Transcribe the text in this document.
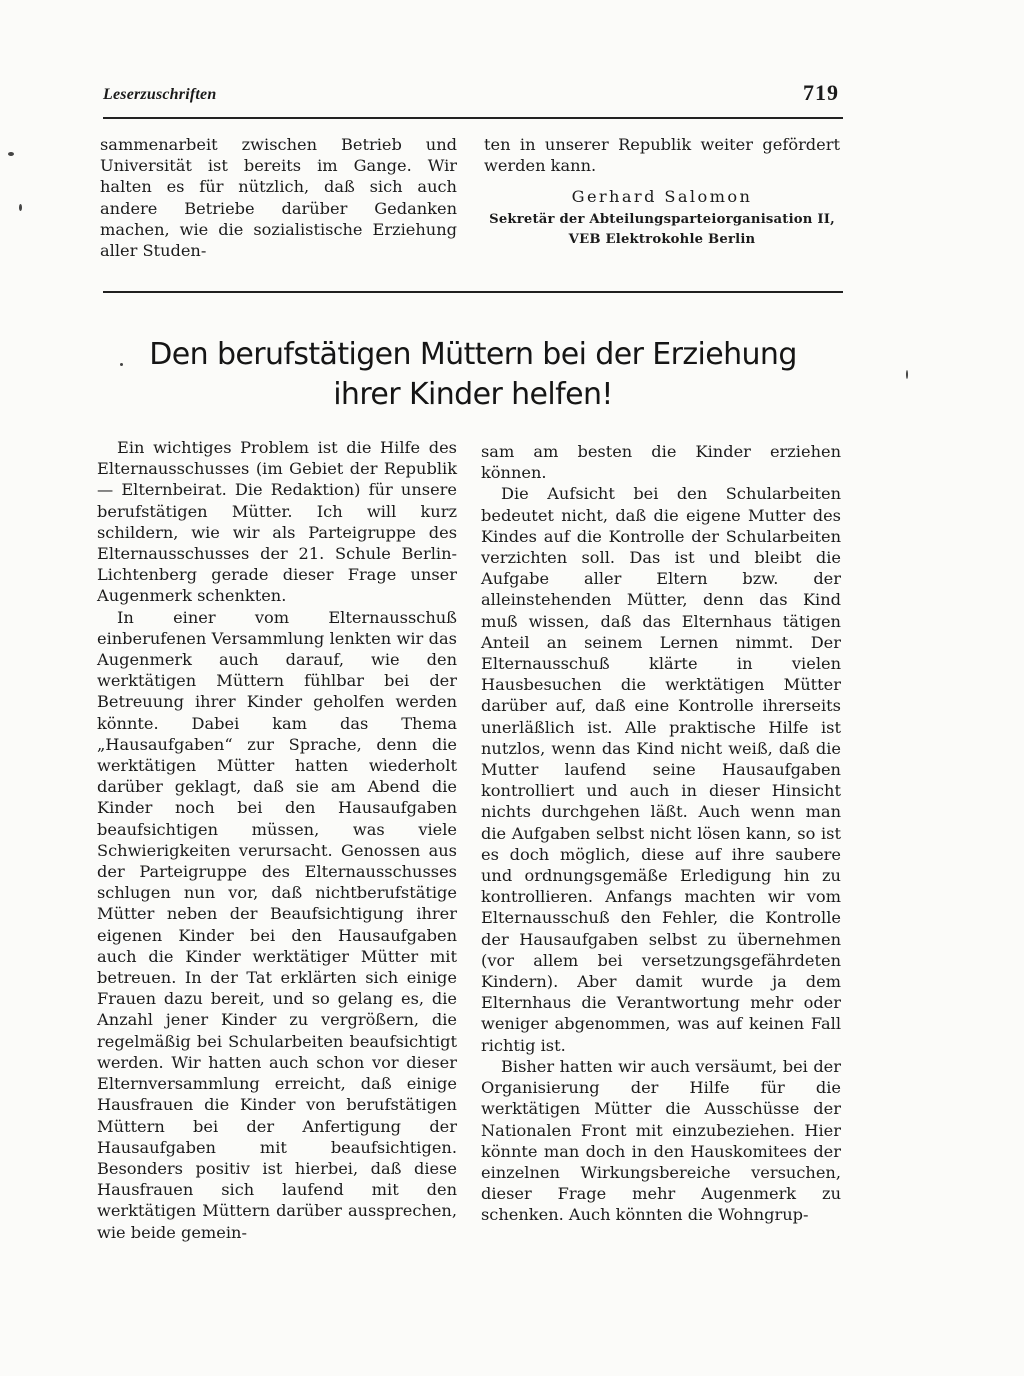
Leserzuschriften	719

sammenarbeit zwischen Betrieb und Universität ist bereits im Gange. Wir halten es für nützlich, daß sich auch andere Betriebe darüber Gedanken machen, wie die sozialistische Erziehung aller Studen-

ten in unserer Republik weiter gefördert werden kann.

Gerhard Salomon
Sekretär der Abteilungsparteiorganisation II,
VEB Elektrokohle Berlin
Den berufstätigen Müttern bei der Erziehung
ihrer Kinder helfen!

Ein wichtiges Problem ist die Hilfe des Elternausschusses (im Gebiet der Republik — Elternbeirat. Die Redaktion) für unsere berufstätigen Mütter. Ich will kurz schildern, wie wir als Parteigruppe des Elternausschusses der 21. Schule Berlin-Lichtenberg gerade dieser Frage unser Augenmerk schenkten.

In einer vom Elternausschuß einberufenen Versammlung lenkten wir das Augenmerk auch darauf, wie den werktätigen Müttern fühlbar bei der Betreuung ihrer Kinder geholfen werden könnte. Dabei kam das Thema „Hausaufgaben“ zur Sprache, denn die werktätigen Mütter hatten wiederholt darüber geklagt, daß sie am Abend die Kinder noch bei den Hausaufgaben beaufsichtigen müssen, was viele Schwierigkeiten verursacht. Genossen aus der Parteigruppe des Elternausschusses schlugen nun vor, daß nichtberufstätige Mütter neben der Beaufsichtigung ihrer eigenen Kinder bei den Hausaufgaben auch die Kinder werktätiger Mütter mit betreuen. In der Tat erklärten sich einige Frauen dazu bereit, und so gelang es, die Anzahl jener Kinder zu vergrößern, die regelmäßig bei Schularbeiten beaufsichtigt werden. Wir hatten auch schon vor dieser Elternversammlung erreicht, daß einige Hausfrauen die Kinder von berufstätigen Müttern bei der Anfertigung der Hausaufgaben mit beaufsichtigen. Besonders positiv ist hierbei, daß diese Hausfrauen sich laufend mit den werktätigen Müttern darüber aussprechen, wie beide gemein-

sam am besten die Kinder erziehen können.

Die Aufsicht bei den Schularbeiten bedeutet nicht, daß die eigene Mutter des Kindes auf die Kontrolle der Schularbeiten verzichten soll. Das ist und bleibt die Aufgabe aller Eltern bzw. der alleinstehenden Mütter, denn das Kind muß wissen, daß das Elternhaus tätigen Anteil an seinem Lernen nimmt. Der Elternausschuß klärte in vielen Hausbesuchen die werktätigen Mütter darüber auf, daß eine Kontrolle ihrerseits unerläßlich ist. Alle praktische Hilfe ist nutzlos, wenn das Kind nicht weiß, daß die Mutter laufend seine Hausaufgaben kontrolliert und auch in dieser Hinsicht nichts durchgehen läßt. Auch wenn man die Aufgaben selbst nicht lösen kann, so ist es doch möglich, diese auf ihre saubere und ordnungsgemäße Erledigung hin zu kontrollieren. Anfangs machten wir vom Elternausschuß den Fehler, die Kontrolle der Hausaufgaben selbst zu übernehmen (vor allem bei versetzungsgefährdeten Kindern). Aber damit wurde ja dem Elternhaus die Verantwortung mehr oder weniger abgenommen, was auf keinen Fall richtig ist.

Bisher hatten wir auch versäumt, bei der Organisierung der Hilfe für die werktätigen Mütter die Ausschüsse der Nationalen Front mit einzubeziehen. Hier könnte man doch in den Hauskomitees der einzelnen Wirkungsbereiche versuchen, dieser Frage mehr Augenmerk zu schenken. Auch könnten die Wohngrup-
